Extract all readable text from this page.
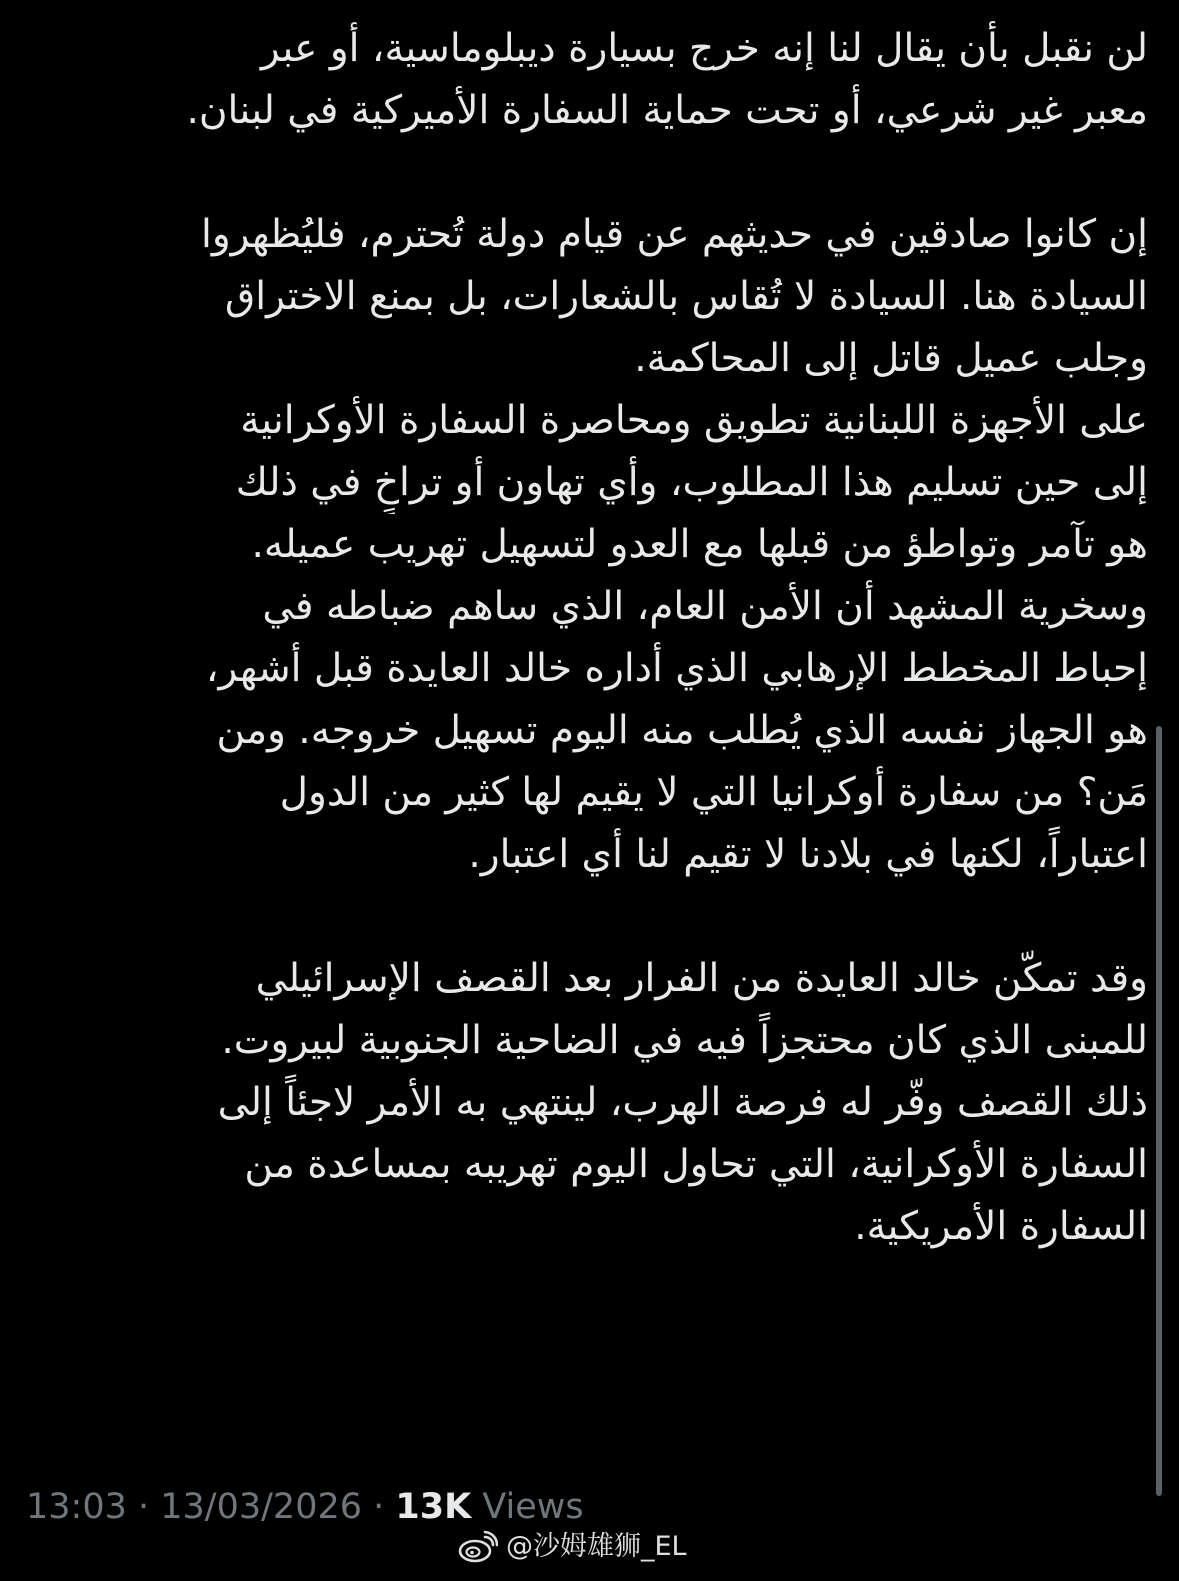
لن نقبل بأن يقال لنا إنه خرج بسيارة ديبلوماسية، أو عبر
معبر غير شرعي، أو تحت حماية السفارة الأميركية في لبنان.
إن كانوا صادقين في حديثهم عن قيام دولة تُحترم، فليُظهروا
السيادة هنا. السيادة لا تُقاس بالشعارات، بل بمنع الاختراق
وجلب عميل قاتل إلى المحاكمة.
على الأجهزة اللبنانية تطويق ومحاصرة السفارة الأوكرانية
إلى حين تسليم هذا المطلوب، وأي تهاون أو تراخٍ في ذلك
هو تآمر وتواطؤ من قبلها مع العدو لتسهيل تهريب عميله.
وسخرية المشهد أن الأمن العام، الذي ساهم ضباطه في
إحباط المخطط الإرهابي الذي أداره خالد العايدة قبل أشهر،
هو الجهاز نفسه الذي يُطلب منه اليوم تسهيل خروجه. ومن
مَن؟ من سفارة أوكرانيا التي لا يقيم لها كثير من الدول
اعتباراً، لكنها في بلادنا لا تقيم لنا أي اعتبار.
وقد تمكّن خالد العايدة من الفرار بعد القصف الإسرائيلي
للمبنى الذي كان محتجزاً فيه في الضاحية الجنوبية لبيروت.
ذلك القصف وفّر له فرصة الهرب، لينتهي به الأمر لاجئاً إلى
السفارة الأوكرانية، التي تحاول اليوم تهريبه بمساعدة من
السفارة الأمريكية.
13:03 · 13/03/2026 · 13K Views
@沙姆雄狮_EL
